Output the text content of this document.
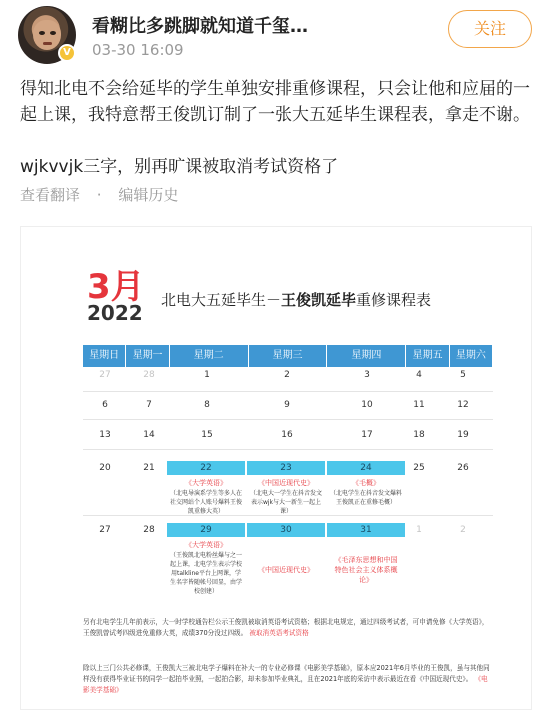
V
看糊比多跳脚就知道千玺…
03-30 16:09
关注
得知北电不会给延毕的学生单独安排重修课程，只会让他和应届的一起上课，我特意帮王俊凯订制了一张大五延毕生课程表，拿走不谢。
wjkvvjk三字，别再旷课被取消考试资格了
查看翻译 · 编辑历史
3月
2022
北电大五延毕生－王俊凯延毕重修课程表
星期日	星期一	星期二	星期三	星期四	星期五	星期六
27	28	1	2	3	4	5
6	7	8	9	10	11	12
13	14	15	16	17	18	19
20	21	22	23	24	25	26
《大学英语》
（北电导演系学生等多人在社交网站个人账号爆料王俊凯重修大英）
《中国近现代史》
（北电大一学生在抖音发文表示wjk与大一新生一起上课）
《毛概》
（北电学生在抖音发文爆料王俊凯正在重修毛概）
27	28	29	30	31	1	2
《大学英语》
（王俊凯北电粉丝爆与之一起上课，北电学生表示学校用talkline平台上网课，学生名字皆随帐号回显，由学校创建）
《中国近现代史》
《毛泽东思想和中国特色社会主义体系概论》
另有北电学生几年前表示，大一时学校通告栏公示王俊凯被取消英语考试资格；根据北电规定，通过四级考试者，可申请免修《大学英语》，王俊凯曾试考四级进免重修大英，成绩370分没过四级。 被取消英语考试资格
除以上三门公共必修课，王俊凯大三被北电学子爆料在补大一的专业必修课《电影美学基础》，原本应2021年6月毕业的王俊凯，虽与其他同样没有获得毕业证书的同学一起拍毕业照，一起拍合影，却未参加毕业典礼，且在2021年底的采访中表示最近在看《中国近现代史》。 《电影美学基础》
